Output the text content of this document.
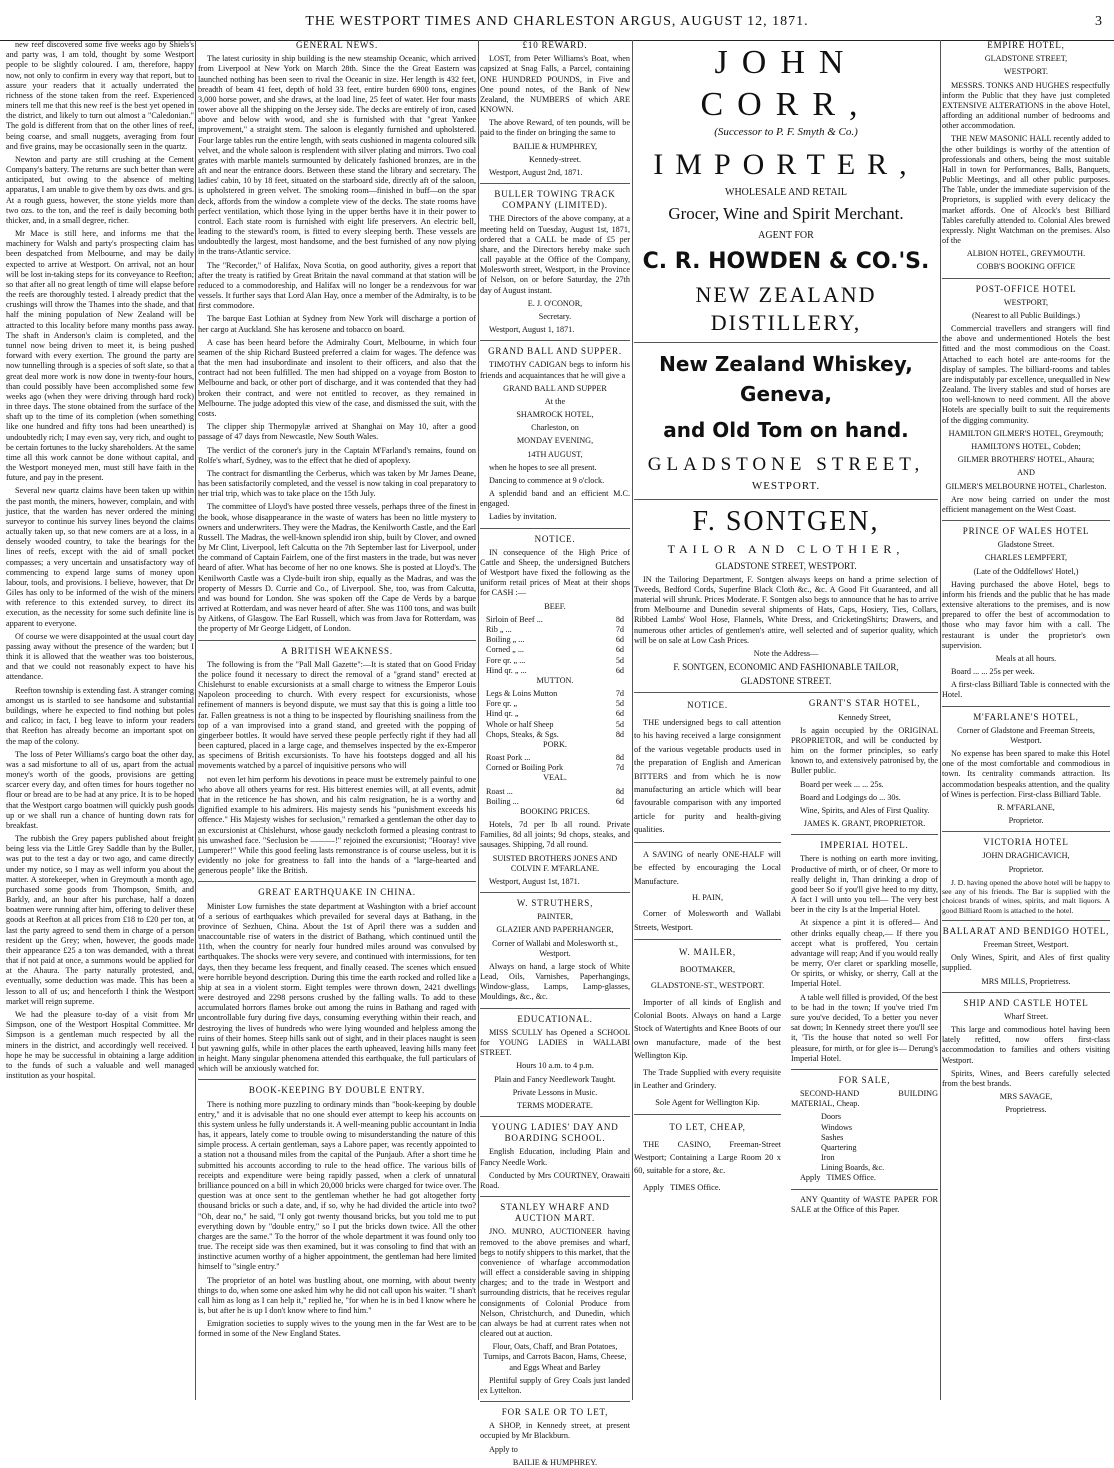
THE WESTPORT TIMES AND CHARLESTON ARGUS, AUGUST 12, 1871.	3

new reef discovered some five weeks ago by Shiels's and party was, I am told, thought by some Westport people to be slightly coloured. I am, therefore, happy now, not only to confirm in every way that report, but to assure your readers that it actually underrated the richness of the stone taken from the reef. Experienced miners tell me that this new reef is the best yet opened in the district, and likely to turn out almost a "Caledonian." The gold is different from that on the other lines of reef, being coarse, and small nuggets, averaging from four and five grains, may be occasionally seen in the quartz.

Newton and party are still crushing at the Cement Company's battery. The returns are such better than were anticipated, but owing to the absence of melting apparatus, I am unable to give them by ozs dwts. and grs. At a rough guess, however, the stone yields more than two ozs. to the ton, and the reef is daily becoming both thicker, and, in a small degree, richer.

Mr Mace is still here, and informs me that the machinery for Walsh and party's prospecting claim has been despatched from Melbourne, and may be daily expected to arrive at Westport. On arrival, not an hour will be lost in-taking steps for its conveyance to Reefton; so that after all no great length of time will elapse before the reefs are thoroughly tested. I already predict that the crushings will throw the Thames into the shade, and that half the mining population of New Zealand will be attracted to this locality before many months pass away. The shaft in Anderson's claim is completed, and the tunnel now being driven to meet it, is being pushed forward with every exertion. The ground the party are now tunnelling through is a species of soft slate, so that a great deal more work is now done in twenty-four hours, than could possibly have been accomplished some few weeks ago (when they were driving through hard rock) in three days. The stone obtained from the surface of the shaft up to the time of its completion (when something like one hundred and fifty tons had been unearthed) is undoubtedly rich; I may even say, very rich, and ought to be certain fortunes to the lucky shareholders. At the same time all this work cannot be done without capital, and the Westport moneyed men, must still have faith in the future, and pay in the present.

Several new quartz claims have been taken up within the past month, the miners, however, complain, and with justice, that the warden has never ordered the mining surveyor to continue his survey lines beyond the claims actually taken up, so that new comers are at a loss, in a densely wooded country, to take the bearings for the lines of reefs, except with the aid of small pocket compasses; a very uncertain and unsatisfactory way of commencing to expend large sums of money upon labour, tools, and provisions. I believe, however, that Dr Giles has only to be informed of the wish of the miners with reference to this extended survey, to direct its execution, as the necessity for some such definite line is apparent to everyone.

Of course we were disappointed at the usual court day passing away without the presence of the warden; but I think it is allowed that the weather was too boisterous, and that we could not reasonably expect to have his attendance.

Reefton township is extending fast. A stranger coming amongst us is startled to see handsome and substantial buildings, where he expected to find nothing but poles and calico; in fact, I beg leave to inform your readers that Reefton has already become an important spot on the map of the colony.

The loss of Peter Williams's cargo boat the other day, was a sad misfortune to all of us, apart from the actual money's worth of the goods, provisions are getting scarcer every day, and often times for hours together no flour or bread are to be had at any price. It is to be hoped that the Westport cargo boatmen will quickly push goods up or we shall run a chance of hunting down rats for breakfast.

The rubbish the Grey papers published about freight being less via the Little Grey Saddle than by the Buller, was put to the test a day or two ago, and came directly under my notice, so I may as well inform you about the matter. A storekeeper, when in Greymouth a month ago, purchased some goods from Thompson, Smith, and Barkly, and, an hour after his purchase, half a dozen boatmen were running after him, offering to deliver these goods at Reefton at all prices from £18 to £20 per ton, at last the party agreed to send them in charge of a person resident up the Grey; when, however, the goods made their appearance £25 a ton was demanded, with a threat that if not paid at once, a summons would be applied for at the Ahaura. The party naturally protested, and, eventually, some deduction was made. This has been a lesson to all of us; and henceforth I think the Westport market will reign supreme.

We had the pleasure to-day of a visit from Mr Simpson, one of the Westport Hospital Committee. Mr Simpson is a gentleman much respected by all the miners in the district, and accordingly well received. I hope he may be successful in obtaining a large addition to the funds of such a valuable and well managed institution as your hospital.

GENERAL NEWS.

The latest curiosity in ship building is the new steamship Oceanic, which arrived from Liverpool at New York on March 28th. Since the the Great Eastern was launched nothing has been seen to rival the Oceanic in size. Her length is 432 feet, breadth of beam 41 feet, depth of hold 33 feet, entire burden 6900 tons, engines 3,000 horse power, and she draws, at the load line, 25 feet of water. Her four masts tower above all the shipping on the Jersey side. The decks are entirely of iron, cased above and below with wood, and she is furnished with that "great Yankee improvement," a straight stem. The saloon is elegantly furnished and upholstered. Four large tables run the entire length, with seats cushioned in magenta coloured silk velvet, and the whole saloon is resplendent with silver plating and mirrors. Two coal grates with marble mantels surmounted by delicately fashioned bronzes, are in the aft and near the entrance doors. Between these stand the library and secretary. The ladies' cabin, 10 by 18 feet, situated on the starboard side, directly aft of the saloon, is upholstered in green velvet. The smoking room—finished in buff—on the spar deck, affords from the window a complete view of the decks. The state rooms have perfect ventilation, which those lying in the upper berths have it in their power to control. Each state room is furnished with eight life preservers. An electric bell, leading to the steward's room, is fitted to every sleeping berth. These vessels are undoubtedly the largest, most handsome, and the best furnished of any now plying in the trans-Atlantic service.

The "Recorder," of Halifax, Nova Scotia, on good authority, gives a report that after the treaty is ratified by Great Britain the naval command at that station will be reduced to a commodoreship, and Halifax will no longer be a rendezvous for war vessels. It further says that Lord Alan Hay, once a member of the Admiralty, is to be first commodore.

The barque East Lothian at Sydney from New York will discharge a portion of her cargo at Auckland. She has kerosene and tobacco on board.

A case has been heard before the Admiralty Court, Melbourne, in which four seamen of the ship Richard Busteed preferred a claim for wages. The defence was that the men had insubordinate and insolent to their officers, and also that the contract had not been fulfilled. The men had shipped on a voyage from Boston to Melbourne and back, or other port of discharge, and it was contended that they had broken their contract, and were not entitled to recover, as they remained in Melbourne. The judge adopted this view of the case, and dismissed the suit, with the costs.

The clipper ship Thermopylæ arrived at Shanghai on May 10, after a good passage of 47 days from Newcastle, New South Wales.

The verdict of the coroner's jury in the Captain M'Farland's remains, found on Rolfe's wharf, Sydney, was to the effect that he died of apoplexy.

The contract for dismantling the Cerberus, which was taken by Mr James Deane, has been satisfactorily completed, and the vessel is now taking in coal preparatory to her trial trip, which was to take place on the 15th July.

The committee of Lloyd's have posted three vessels, perhaps three of the finest in the book, whose disappearance in the waste of waters has been no little mystery to owners and underwriters. They were the Madras, the Kenilworth Castle, and the Earl Russell. The Madras, the well-known splendid iron ship, built by Clover, and owned by Mr Clint, Liverpool, left Calcutta on the 7th September last for Liverpool, under the command of Captain Fairlem, one of the first masters in the trade, but was never heard of after. What has become of her no one knows. She is posted at Lloyd's. The Kenilworth Castle was a Clyde-built iron ship, equally as the Madras, and was the property of Messrs D. Currie and Co., of Liverpool. She, too, was from Calcutta, and was bound for London. She was spoken off the Cape de Verds by a barque arrived at Rotterdam, and was never heard of after. She was 1100 tons, and was built by Aitkens, of Glasgow. The Earl Russell, which was from Java for Rotterdam, was the property of Mr George Lidgett, of London.

A BRITISH WEAKNESS.

The following is from the "Pall Mall Gazette":—It is stated that on Good Friday the police found it necessary to direct the removal of a "grand stand" erected at Chislehurst to enable excursionists at a small charge to witness the Emperor Louis Napoleon proceeding to church. With every respect for excursionists, whose refinement of manners is beyond dispute, we must say that this is going a little too far. Fallen greatness is not a thing to be inspected by flourishing snailiness from the top of a van improvised into a grand stand, and greeted with the popping of gingerbeer bottles. It would have served these people perfectly right if they had all been captured, placed in a large cage, and themselves inspected by the ex-Emperor as specimens of British excursionists. To have his footsteps dogged and all his movements watched by a parcel of inquisitive persons who will

not even let him perform his devotions in peace must be extremely painful to one who above all others yearns for rest. His bitterest enemies will, at all events, admit that in the reticence he has shown, and his calm resignation, he is a worthy and dignified example to his admirers. His majesty sends his "punishment exceeds his offence." His Majesty wishes for seclusion," remarked a gentleman the other day to an excursionist at Chislehurst, whose gaudy neckcloth formed a pleasing contrast to his unwashed face. "Seclusion be ———!" rejoined the excursionist; "Hooray! vive Lumperer!" While this good feeling lasts remonstrance is of course useless, but it is evidently no joke for greatness to fall into the hands of a "large-hearted and generous people" like the British.

GREAT EARTHQUAKE IN CHINA.

Minister Low furnishes the state department at Washington with a brief account of a serious of earthquakes which prevailed for several days at Bathang, in the province of Sezhuen, China. About the 1st of April there was a sudden and unaccountable rise of waters in the district of Bathang, which continued until the 11th, when the country for nearly four hundred miles around was convulsed by earthquakes. The shocks were very severe, and continued with intermissions, for ten days, then they became less frequent, and finally ceased. The scenes which ensued were horrible beyond description. During this time the earth rocked and rolled like a ship at sea in a violent storm. Eight temples were thrown down, 2421 dwellings were destroyed and 2298 persons crushed by the falling walls. To add to these accumulated horrors flames broke out among the ruins in Bathang and raged with uncontrollable fury during five days, consuming everything within their reach, and destroying the lives of hundreds who were lying wounded and helpless among the ruins of their homes. Steep hills sank out of sight, and in their places naught is seen but yawning gulfs, while in other places the earth upheaved, leaving hills many feet in height. Many singular phenomena attended this earthquake, the full particulars of which will be anxiously watched for.

BOOK-KEEPING BY DOUBLE ENTRY.

There is nothing more puzzling to ordinary minds than "book-keeping by double entry," and it is advisable that no one should ever attempt to keep his accounts on this system unless he fully understands it. A well-meaning public accountant in India has, it appears, lately come to trouble owing to misunderstanding the nature of this simple process. A certain gentleman, says a Lahore paper, was recently appointed to a station not a thousand miles from the capital of the Punjaub. After a short time he submitted his accounts according to rule to the head office. The various bills of receipts and expenditure were being rapidly passed, when a clerk of unnatural brilliance pounced on a bill in which 20,000 bricks were charged for twice over. The question was at once sent to the gentleman whether he had got altogether forty thousand bricks or such a date, and, if so, why he had divided the article into two? "Oh, dear no," he said, "I only got twenty thousand bricks, but you told me to put everything down by "double entry," so I put the bricks down twice. All the other charges are the same." To the horror of the whole department it was found only too true. The receipt side was then examined, but it was consoling to find that with an instinctive acumen worthy of a higher appointment, the gentleman had here limited himself to "single entry."

The proprietor of an hotel was bustling about, one morning, with about twenty things to do, when some one asked him why he did not call upon his waiter. "I shan't call him as long as I can help it," replied he, "for when he is in bed I know where he is, but after he is up I don't know where to find him."

Emigration societies to supply wives to the young men in the far West are to be formed in some of the New England States.

£10 REWARD.

LOST, from Peter Williams's Boat, when capsized at Snag Falls, a Parcel, containing ONE HUNDRED POUNDS, in Five and One pound notes, of the Bank of New Zealand, the NUMBERS of which ARE KNOWN.

The above Reward, of ten pounds, will be paid to the finder on bringing the same to

BAILIE & HUMPHREY,

Kennedy-street.

Westport, August 2nd, 1871.

BULLER TOWING TRACK COMPANY (LIMITED).

THE Directors of the above company, at a meeting held on Tuesday, August 1st, 1871, ordered that a CALL be made of £5 per share, and the Directors hereby make such call payable at the Office of the Company, Molesworth street, Westport, in the Province of Nelson, on or before Saturday, the 27th day of August instant.

E. J. O'CONOR,

Secretary.

Westport, August 1, 1871.

GRAND BALL AND SUPPER.

TIMOTHY CADIGAN begs to inform his friends and acquaintances that he will give a

GRAND BALL AND SUPPER

At the

SHAMROCK HOTEL,

Charleston, on

MONDAY EVENING,

14TH AUGUST,

when he hopes to see all present.

Dancing to commence at 9 o'clock.

A splendid band and an efficient M.C. engaged.

Ladies by invitation.

NOTICE.

IN consequence of the High Price of Cattle and Sheep, the undersigned Butchers of Westport have fixed the following as the uniform retail prices of Meat at their shops for CASH :—

BEEF.

Sirloin of Beef ...	8d
Rib „ ...	7d
Boiling „ ...	6d
Corned „ ...	6d
Fore qr. „ ...	5d
Hind qr. „ ...	6d

MUTTON.

Legs & Loins Mutton	7d
Fore qr. „	5d
Hind qr. „	6d
Whole or half Sheep	5d
Chops, Steaks, & Sgs.	8d

PORK.

Roast Pork ...	8d
Corned or Boiling Pork	7d

VEAL.

Roast ...	8d
Boiling ...	6d

BOOKING PRICES.

Hotels, 7d per lb all round. Private Families, 8d all joints; 9d chops, steaks, and sausages. Shipping, 7d all round.

SUISTED BROTHERS JONES AND COLVIN F. M'FARLANE.

Westport, August 1st, 1871.

W. STRUTHERS,

PAINTER,

GLAZIER AND PAPERHANGER,

Corner of Wallabi and Molesworth st., Westport.

Always on hand, a large stock of White Lead, Oils, Varnishes, Paperhangings, Window-glass, Lamps, Lamp-glasses, Mouldings, &c., &c.

EDUCATIONAL.

MISS SCULLY has Opened a SCHOOL for YOUNG LADIES in WALLABI STREET.

Hours 10 a.m. to 4 p.m.

Plain and Fancy Needlework Taught.

Private Lessons in Music.

TERMS MODERATE.

YOUNG LADIES' DAY AND BOARDING SCHOOL.

English Education, including Plain and Fancy Needle Work.

Conducted by Mrs COURTNEY, Orawaiti Road.

STANLEY WHARF AND AUCTION MART.

JNO. MUNRO, AUCTIONEER having removed to the above premises and wharf, begs to notify shippers to this market, that the convenience of wharfage accommodation will effect a considerable saving in shipping charges; and to the trade in Westport and surrounding districts, that he receives regular consignments of Colonial Produce from Nelson, Christchurch, and Dunedin, which can always be had at current rates when not cleared out at auction.

Flour, Oats, Chaff, and Bran Potatoes, Turnips, and Carrots Bacon, Hams, Cheese, and Eggs Wheat and Barley

Plentiful supply of Grey Coals just landed ex Lyttelton.

FOR SALE OR TO LET,

A SHOP, in Kennedy street, at present occupied by Mr Blackburn.

Apply to

BAILIE & HUMPHREY.

JOHN CORR,

(Successor to P. F. Smyth & Co.)

IMPORTER,

WHOLESALE AND RETAIL

Grocer, Wine and Spirit Merchant.

AGENT FOR

C. R. HOWDEN & CO.'S.
NEW ZEALAND DISTILLERY,
New Zealand Whiskey, Geneva,
and Old Tom on hand.
GLADSTONE STREET,

WESTPORT.

F. SONTGEN,
TAILOR AND CLOTHIER,

GLADSTONE STREET, WESTPORT.

IN the Tailoring Department, F. Sontgen always keeps on hand a prime selection of Tweeds, Bedford Cords, Superfine Black Cloth &c., &c. A Good Fit Guaranteed, and all material will shrunk. Prices Moderate. F. Sontgen also begs to announce that he has to arrive from Melbourne and Dunedin several shipments of Hats, Caps, Hosiery, Ties, Collars, Ribbed Lambs' Wool Hose, Flannels, White Dress, and CricketingShirts; Drawers, and numerous other articles of gentlemen's attire, well selected and of superior quality, which will be on sale at Low Cash Prices.

Note the Address—

F. SONTGEN, ECONOMIC AND FASHIONABLE TAILOR,

GLADSTONE STREET.

NOTICE.

THE undersigned begs to call attention to his having received a large consignment of the various vegetable products used in the preparation of English and American BITTERS and from which he is now manufacturing an article which will bear favourable comparison with any imported article for purity and health-giving qualities.

A SAVING of nearly ONE-HALF will be effected by encouraging the Local Manufacture.

H. PAIN,

Corner of Molesworth and Wallabi Streets, Westport.

W. MAILER,

BOOTMAKER,

GLADSTONE-ST., WESTPORT.

Importer of all kinds of English and Colonial Boots. Always on hand a Large Stock of Watertights and Knee Boots of our own manufacture, made of the best Wellington Kip.

The Trade Supplied with every requisite in Leather and Grindery.

Sole Agent for Wellington Kip.

TO LET, CHEAP,

THE CASINO, Freeman-Street Westport; Containing a Large Room 20 x 60, suitable for a store, &c.

Apply TIMES Office.

GRANT'S STAR HOTEL,

Kennedy Street,

Is again occupied by the ORIGINAL PROPRIETOR, and will be conducted by him on the former principles, so early known to, and extensively patronised by, the Buller public.

Board per week ... ... 25s.

Board and Lodgings do ... 30s.

Wine, Spirits, and Ales of First Quality.

JAMES K. GRANT, PROPRIETOR.

IMPERIAL HOTEL.

There is nothing on earth more inviting, Productive of mirth, or of cheer, Or more to really delight in, Than drinking a drop of good beer So if you'll give heed to my ditty, A fact I will unto you tell— The very best beer in the city Is at the Imperial Hotel.

At sixpence a pint it is offered— And other drinks equally cheap,— If there you accept what is proffered, You certain advantage will reap; And if you would really be merry, O'er claret or sparkling moselle, Or spirits, or whisky, or sherry, Call at the Imperial Hotel.

A table well filled is provided, Of the best to be had in the town; If you've tried I'm sure you've decided, To a better you never sat down; In Kennedy street there you'll see it, 'Tis the house that noted so well For pleasure, for mirth, or for glee is— Derung's Imperial Hotel.

FOR SALE,

SECOND-HAND BUILDING MATERIAL, Cheap.

Doors
Windows
Sashes
Quartering
Iron
Lining Boards, &c.

Apply TIMES Office.

ANY Quantity of WASTE PAPER FOR SALE at the Office of this Paper.

EMPIRE HOTEL,

GLADSTONE STREET,

WESTPORT.

MESSRS. TONKS AND HUGHES respectfully inform the Public that they have just completed EXTENSIVE ALTERATIONS in the above Hotel, affording an additional number of bedrooms and other accommodation.

THE NEW MASONIC HALL recently added to the other buildings is worthy of the attention of professionals and others, being the most suitable Hall in town for Performances, Balls, Banquets, Public Meetings, and all other public purposes. The Table, under the immediate supervision of the Proprietors, is supplied with every delicacy the market affords. One of Alcock's best Billiard Tables carefully attended to. Colonial Ales brewed expressly. Night Watchman on the premises. Also of the

ALBION HOTEL, GREYMOUTH.

COBB'S BOOKING OFFICE

POST-OFFICE HOTEL

WESTPORT,

(Nearest to all Public Buildings.)

Commercial travellers and strangers will find the above and undermentioned Hotels the best fitted and the most commodious on the Coast. Attached to each hotel are ante-rooms for the display of samples. The billiard-rooms and tables are indisputably par excellence, unequalled in New Zealand. The livery stables and stud of horses are too well-known to need comment. All the above Hotels are specially built to suit the requirements of the digging community.

HAMILTON GILMER'S HOTEL, Greymouth;

HAMILTON'S HOTEL, Cobden;

GILMER BROTHERS' HOTEL, Ahaura;

AND

GILMER'S MELBOURNE HOTEL, Charleston.

Are now being carried on under the most efficient management on the West Coast.

PRINCE OF WALES HOTEL

Gladstone Street.

CHARLES LEMPFERT,

(Late of the Oddfellows' Hotel,)

Having purchased the above Hotel, begs to inform his friends and the public that he has made extensive alterations to the premises, and is now prepared to offer the best of accommodation to those who may favor him with a call. The restaurant is under the proprietor's own supervision.

Meals at all hours.

Board ... ... 25s per week.

A first-class Billiard Table is connected with the Hotel.

M'FARLANE'S HOTEL,

Corner of Gladstone and Freeman Streets, Westport.

No expense has been spared to make this Hotel one of the most comfortable and commodious in town. Its centrality commands attraction. Its accommodation bespeaks attention, and the quality of Wines is perfection. First-class Billiard Table.

R. M'FARLANE,

Proprietor.

VICTORIA HOTEL

JOHN DRAGHICAVICH,

Proprietor.

J. D. having opened the above hotel will be happy to see any of his friends. The Bar is supplied with the choicest brands of wines, spirits, and malt liquors. A good Billiard Room is attached to the hotel.

BALLARAT AND BENDIGO HOTEL,

Freeman Street, Westport.

Only Wines, Spirit, and Ales of first quality supplied.

MRS MILLS, Proprietress.

SHIP AND CASTLE HOTEL

Wharf Street.

This large and commodious hotel having been lately refitted, now offers first-class accommodation to families and others visiting Westport.

Spirits, Wines, and Beers carefully selected from the best brands.

MRS SAVAGE,

Proprietress.
